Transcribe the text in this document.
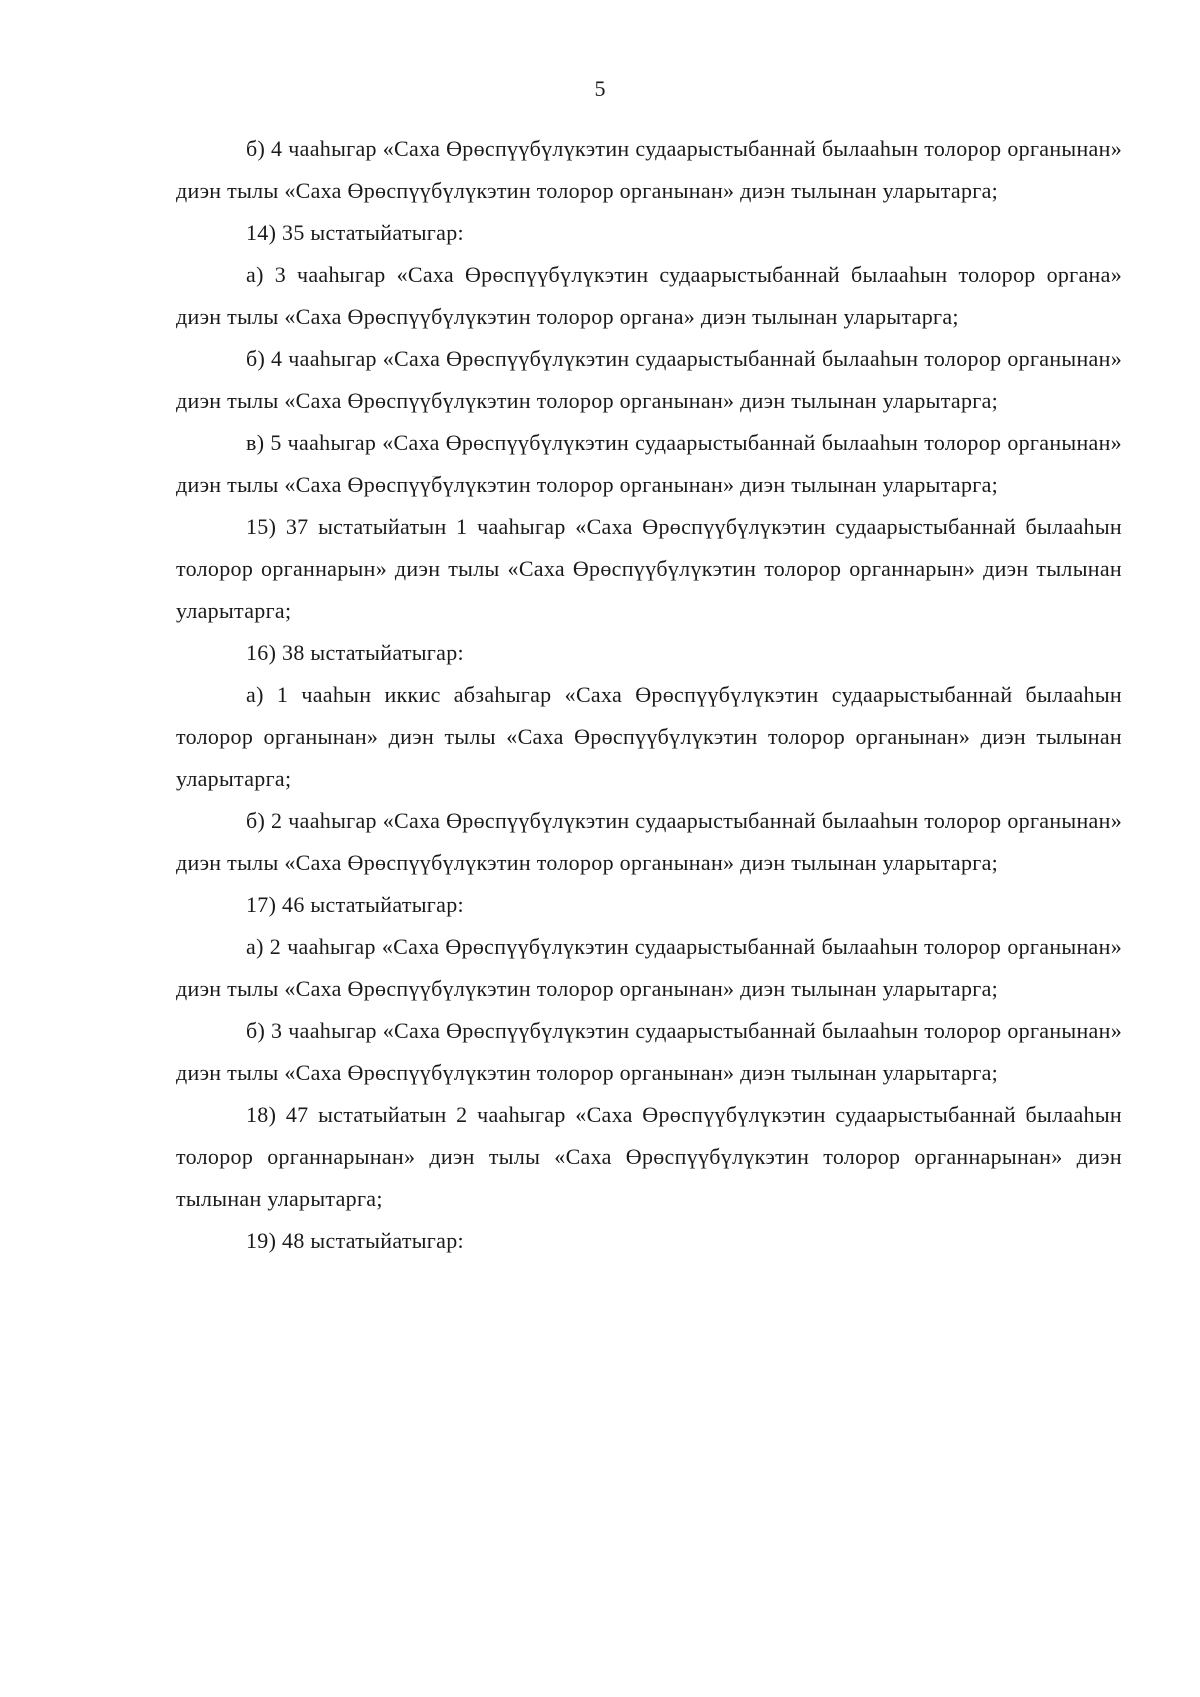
5

б) 4 чааһыгар «Саха Өрөспүүбүлүкэтин судаарыстыбаннай былааһын толорор органынан» диэн тылы «Саха Өрөспүүбүлүкэтин толорор органынан» диэн тылынан уларытарга;

14) 35 ыстатыйатыгар:

а) 3 чааһыгар «Саха Өрөспүүбүлүкэтин судаарыстыбаннай былааһын толорор органа» диэн тылы «Саха Өрөспүүбүлүкэтин толорор органа» диэн тылынан уларытарга;

б) 4 чааһыгар «Саха Өрөспүүбүлүкэтин судаарыстыбаннай былааһын толорор органынан» диэн тылы «Саха Өрөспүүбүлүкэтин толорор органынан» диэн тылынан уларытарга;

в) 5 чааһыгар «Саха Өрөспүүбүлүкэтин судаарыстыбаннай былааһын толорор органынан» диэн тылы «Саха Өрөспүүбүлүкэтин толорор органынан» диэн тылынан уларытарга;

15) 37 ыстатыйатын 1 чааһыгар «Саха Өрөспүүбүлүкэтин судаарыстыбаннай былааһын толорор органнарын» диэн тылы «Саха Өрөспүүбүлүкэтин толорор органнарын» диэн тылынан уларытарга;

16) 38 ыстатыйатыгар:

а) 1 чааһын иккис абзаһыгар «Саха Өрөспүүбүлүкэтин судаарыстыбаннай былааһын толорор органынан» диэн тылы «Саха Өрөспүүбүлүкэтин толорор органынан» диэн тылынан уларытарга;

б) 2 чааһыгар «Саха Өрөспүүбүлүкэтин судаарыстыбаннай былааһын толорор органынан» диэн тылы «Саха Өрөспүүбүлүкэтин толорор органынан» диэн тылынан уларытарга;

17) 46 ыстатыйатыгар:

а) 2 чааһыгар «Саха Өрөспүүбүлүкэтин судаарыстыбаннай былааһын толорор органынан» диэн тылы «Саха Өрөспүүбүлүкэтин толорор органынан» диэн тылынан уларытарга;

б) 3 чааһыгар «Саха Өрөспүүбүлүкэтин судаарыстыбаннай былааһын толорор органынан» диэн тылы «Саха Өрөспүүбүлүкэтин толорор органынан» диэн тылынан уларытарга;

18) 47 ыстатыйатын 2 чааһыгар «Саха Өрөспүүбүлүкэтин судаарыстыбаннай былааһын толорор органнарынан» диэн тылы «Саха Өрөспүүбүлүкэтин толорор органнарынан» диэн тылынан уларытарга;

19) 48 ыстатыйатыгар:
